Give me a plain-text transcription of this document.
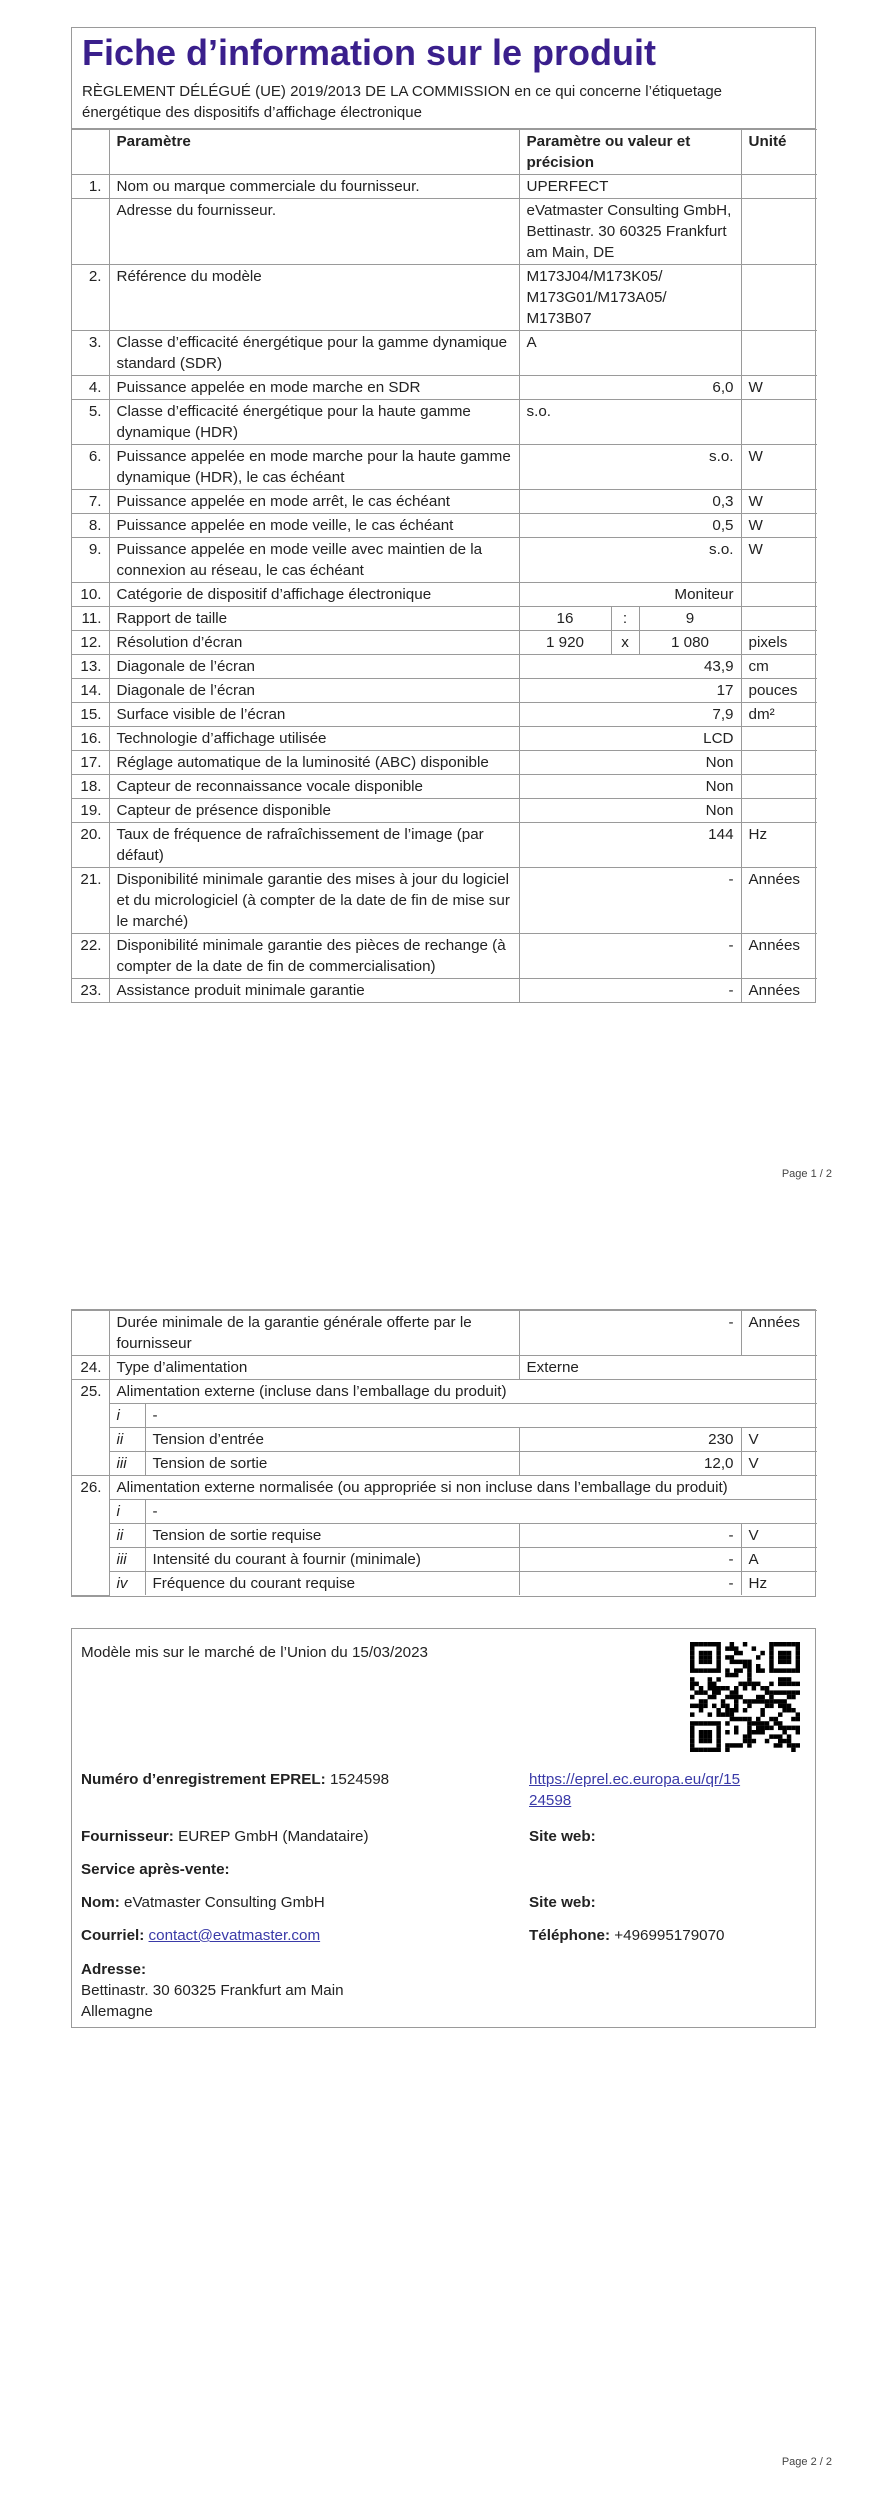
Fiche d’information sur le produit

RÈGLEMENT DÉLÉGUÉ (UE) 2019/2013 DE LA COMMISSION en ce qui concerne l’étiquetage énergétique des dispositifs d’affichage électronique

	Paramètre	Paramètre ou valeur et précision			Unité
1.	Nom ou marque commerciale du fournisseur.	UPERFECT			
	Adresse du fournisseur.	eVatmaster Consulting GmbH, Bettinastr. 30 60325 Frankfurt am Main, DE			
2.	Référence du modèle	M173J04/M173K05/ M173G01/M173A05/ M173B07			
3.	Classe d’efficacité énergétique pour la gamme dynamique standard (SDR)	A			
4.	Puissance appelée en mode marche en SDR	6,0			W
5.	Classe d’efficacité énergétique pour la haute gamme dynamique (HDR)	s.o.			
6.	Puissance appelée en mode marche pour la haute gamme dynamique (HDR), le cas échéant	s.o.			W
7.	Puissance appelée en mode arrêt, le cas échéant	0,3			W
8.	Puissance appelée en mode veille, le cas échéant	0,5			W
9.	Puissance appelée en mode veille avec maintien de la connexion au réseau, le cas échéant	s.o.			W
10.	Catégorie de dispositif d’affichage électronique	Moniteur			
11.	Rapport de taille	16	:	9	
12.	Résolution d’écran	1 920	x	1 080	pixels
13.	Diagonale de l’écran	43,9			cm
14.	Diagonale de l’écran	17			pouces
15.	Surface visible de l’écran	7,9			dm²
16.	Technologie d’affichage utilisée	LCD			
17.	Réglage automatique de la luminosité (ABC) disponible	Non			
18.	Capteur de reconnaissance vocale disponible	Non			
19.	Capteur de présence disponible	Non			
20.	Taux de fréquence de rafraîchissement de l’image (par défaut)	144			Hz
21.	Disponibilité minimale garantie des mises à jour du logiciel et du micrologiciel (à compter de la date de fin de mise sur le marché)	-			Années
22.	Disponibilité minimale garantie des pièces de rechange (à compter de la date de fin de commercialisation)	-			Années
23.	Assistance produit minimale garantie	-			Années
Page 1 / 2
	Durée minimale de la garantie générale offerte par le fournisseur		-	Années
24.	Type d’alimentation		Externe	
25.	Alimentation externe (incluse dans l’emballage du produit)			
	i	-		
	ii	Tension d’entrée	230	V
	iii	Tension de sortie	12,0	V
26.	Alimentation externe normalisée (ou appropriée si non incluse dans l’emballage du produit)			
	i	-		
	ii	Tension de sortie requise	-	V
	iii	Intensité du courant à fournir (minimale)	-	A
	iv	Fréquence du courant requise	-	Hz
Modèle mis sur le marché de l’Union du 15/03/2023
Numéro d’enregistrement EPREL: 1524598	https://eprel.ec.europa.eu/qr/15
24598
Fournisseur: EUREP GmbH (Mandataire)	Site web:
Service après-vente:
Nom: eVatmaster Consulting GmbH	Site web:
Courriel: contact@evatmaster.com	Téléphone: +496995179070
Adresse:
Bettinastr. 30 60325 Frankfurt am Main
Allemagne
Page 2 / 2
